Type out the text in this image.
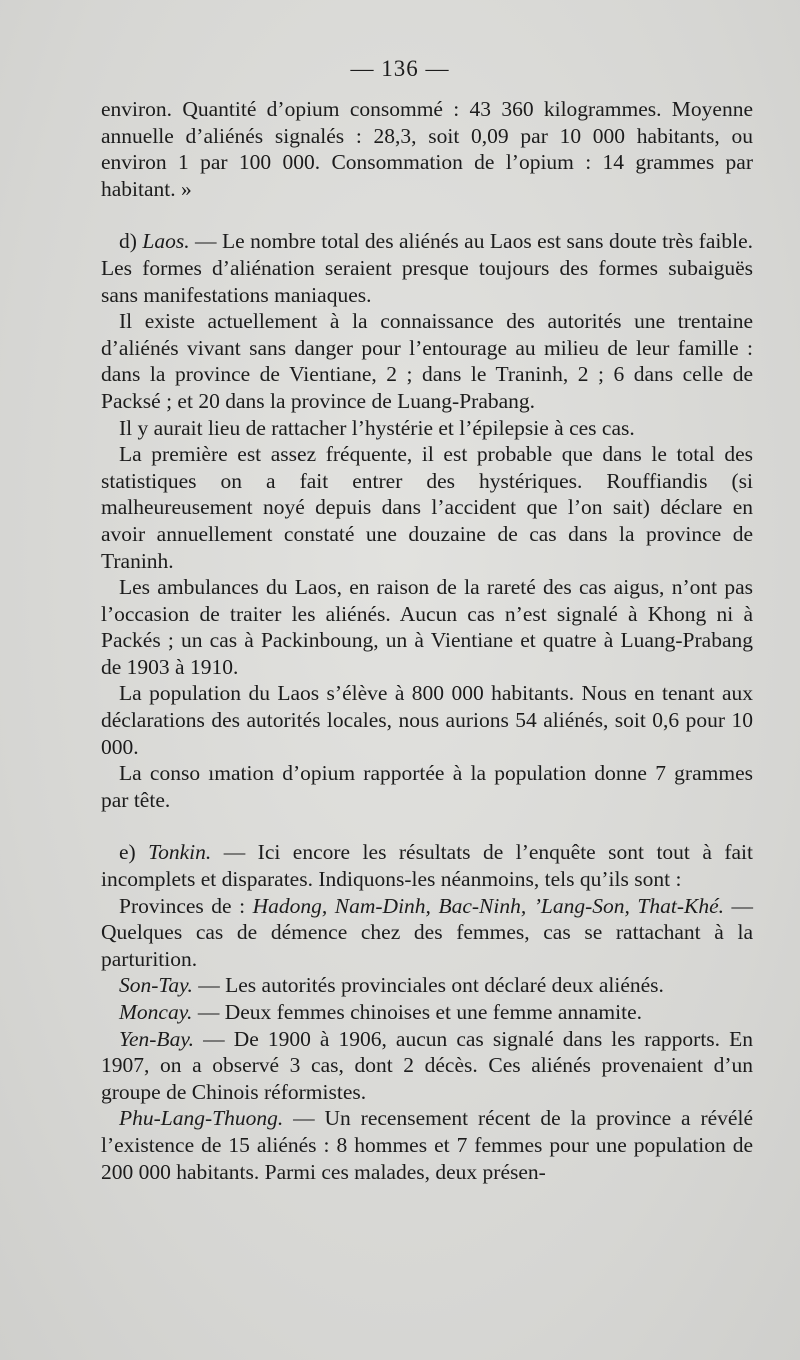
— 136 —

environ. Quantité d’opium consommé : 43 360 kilogrammes. Moyenne annuelle d’aliénés signalés : 28,3, soit 0,09 par 10 000 habitants, ou environ 1 par 100 000. Consommation de l’opium : 14 grammes par habitant. »

d) Laos. — Le nombre total des aliénés au Laos est sans doute très faible. Les formes d’aliénation seraient presque toujours des formes subaiguës sans manifestations maniaques.

Il existe actuellement à la connaissance des autorités une trentaine d’aliénés vivant sans danger pour l’entourage au milieu de leur famille : dans la province de Vientiane, 2 ; dans le Traninh, 2 ; 6 dans celle de Packsé ; et 20 dans la province de Luang-Prabang.

Il y aurait lieu de rattacher l’hystérie et l’épilepsie à ces cas.

La première est assez fréquente, il est probable que dans le total des statistiques on a fait entrer des hystériques. Rouffiandis (si malheureusement noyé depuis dans l’accident que l’on sait) déclare en avoir annuellement constaté une douzaine de cas dans la province de Traninh.

Les ambulances du Laos, en raison de la rareté des cas aigus, n’ont pas l’occasion de traiter les aliénés. Aucun cas n’est signalé à Khong ni à Packés ; un cas à Packinboung, un à Vientiane et quatre à Luang-Prabang de 1903 à 1910.

La population du Laos s’élève à 800 000 habitants. Nous en tenant aux déclarations des autorités locales, nous aurions 54 aliénés, soit 0,6 pour 10 000.

La conso ımation d’opium rapportée à la population donne 7 grammes par tête.

e) Tonkin. — Ici encore les résultats de l’enquête sont tout à fait incomplets et disparates. Indiquons-les néanmoins, tels qu’ils sont :

Provinces de : Hadong, Nam-Dinh, Bac-Ninh, ’Lang-Son, That-Khé. — Quelques cas de démence chez des femmes, cas se rattachant à la parturition.

Son-Tay. — Les autorités provinciales ont déclaré deux aliénés.

Moncay. — Deux femmes chinoises et une femme annamite.

Yen-Bay. — De 1900 à 1906, aucun cas signalé dans les rapports. En 1907, on a observé 3 cas, dont 2 décès. Ces aliénés provenaient d’un groupe de Chinois réformistes.

Phu-Lang-Thuong. — Un recensement récent de la province a révélé l’existence de 15 aliénés : 8 hommes et 7 femmes pour une population de 200 000 habitants. Parmi ces malades, deux présen-
